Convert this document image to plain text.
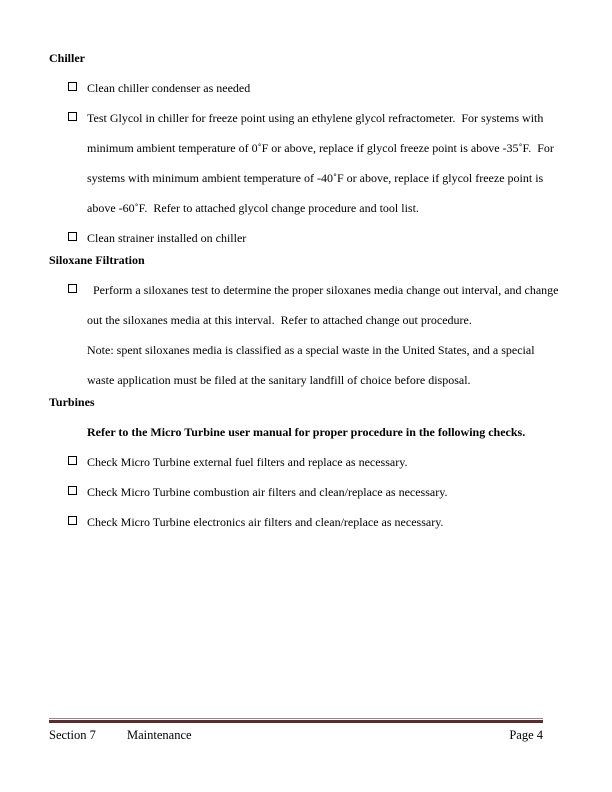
Chiller
Clean chiller condenser as needed
Test Glycol in chiller for freeze point using an ethylene glycol refractometer.  For systems with minimum ambient temperature of 0˚F or above, replace if glycol freeze point is above -35˚F.  For systems with minimum ambient temperature of -40˚F or above, replace if glycol freeze point is above -60˚F.  Refer to attached glycol change procedure and tool list.
Clean strainer installed on chiller
Siloxane Filtration
Perform a siloxanes test to determine the proper siloxanes media change out interval, and change out the siloxanes media at this interval.  Refer to attached change out procedure.
Note: spent siloxanes media is classified as a special waste in the United States, and a special waste application must be filed at the sanitary landfill of choice before disposal.
Turbines
Refer to the Micro Turbine user manual for proper procedure in the following checks.
Check Micro Turbine external fuel filters and replace as necessary.
Check Micro Turbine combustion air filters and clean/replace as necessary.
Check Micro Turbine electronics air filters and clean/replace as necessary.
Section 7	Maintenance	Page 4
